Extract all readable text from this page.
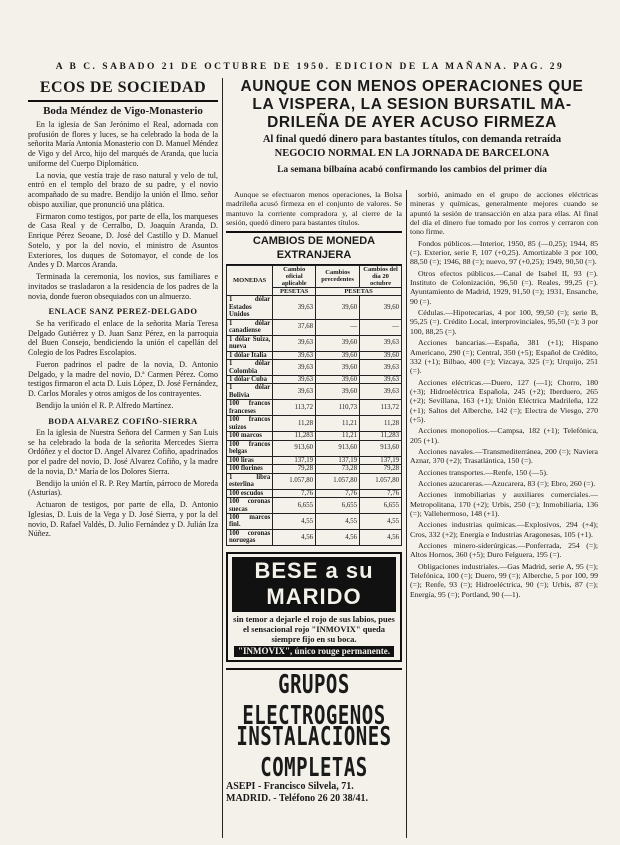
A B C. SABADO 21 DE OCTUBRE DE 1950. EDICION DE LA MAÑANA. PAG. 29
ECOS DE SOCIEDAD
Boda Méndez de Vigo-Monasterio

En la iglesia de San Jerónimo el Real, adornada con profusión de flores y luces, se ha celebrado la boda de la señorita María Antonia Monasterio con D. Manuel Méndez de Vigo y del Arco, hijo del marqués de Aranda, que lucía uniforme del Cuerpo Diplomático.

La novia, que vestía traje de raso natural y velo de tul, entró en el templo del brazo de su padre, y el novio acompañado de su madre. Bendijo la unión el Ilmo. señor obispo auxiliar, que pronunció una plática.

Firmaron como testigos, por parte de ella, los marqueses de Casa Real y de Cerralbo, D. Joaquín Aranda, D. Enrique Pérez Seoane, D. José del Castillo y D. Manuel Sotelo, y por la del novio, el ministro de Asuntos Exteriores, los duques de Sotomayor, el conde de los Andes y D. Marcos Aranda.

Terminada la ceremonia, los novios, sus familiares e invitados se trasladaron a la residencia de los padres de la novia, donde fueron obsequiados con un almuerzo.

ENLACE SANZ PEREZ-DELGADO

Se ha verificado el enlace de la señorita María Teresa Delgado Gutiérrez y D. Juan Sanz Pérez, en la parroquia del Buen Consejo, bendiciendo la unión el capellán del Colegio de los Padres Escolapios.

Fueron padrinos el padre de la novia, D. Antonio Delgado, y la madre del novio, D.ª Carmen Pérez. Como testigos firmaron el acta D. Luis López, D. José Fernández, D. Carlos Morales y otros amigos de los contrayentes.

Bendijo la unión el R. P. Alfredo Martínez.

BODA ALVAREZ COFIÑO-SIERRA

En la iglesia de Nuestra Señora del Carmen y San Luis se ha celebrado la boda de la señorita Mercedes Sierra Ordóñez y el doctor D. Angel Alvarez Cofiño, apadrinados por el padre del novio, D. José Alvarez Cofiño, y la madre de la novia, D.ª María de los Dolores Sierra.

Bendijo la unión el R. P. Rey Martín, párroco de Moreda (Asturias).

Actuaron de testigos, por parte de ella, D. Antonio Iglesias, D. Luis de la Vega y D. José Sierra, y por la del novio, D. Rafael Valdés, D. Julio Fernández y D. Julián Iza Núñez.

AUNQUE CON MENOS OPERACIONES QUE
LA VISPERA, LA SESION BURSATIL MA-
DRILEÑA DE AYER ACUSO FIRMEZA
Al final quedó dinero para bastantes títulos, con demanda retraída
NEGOCIO NORMAL EN LA JORNADA DE BARCELONA
La semana bilbaína acabó confirmando los cambios del primer día

Aunque se efectuaron menos operaciones, la Bolsa madrileña acusó firmeza en el conjunto de valores. Se mantuvo la corriente compradora y, al cierre de la sesión, quedó dinero para bastantes títulos.

CAMBIOS DE MONEDA EXTRANJERA
MONEDAS	Cambio oficial aplicable	Cambios precedentes	Cambios del día 20 octubre
	PESETAS	PESETAS	
1 dólar Estados Unidos	39,63	39,60	39,60
1 dólar canadiense	37,68	—	—
1 dólar Suiza, nueva	39,63	39,60	39,63
1 dólar Italia	39,63	39,60	39,60
1 dólar Colombia	39,63	39,60	39,63
1 dólar Cuba	39,63	39,60	39,63
1 dólar Bolivia	39,63	39,60	39,63
100 francos franceses	113,72	110,73	113,72
100 francos suizos	11,28	11,21	11,28
100 marcos	11,283	11,21	11,283
100 francos belgas	913,60	913,60	913,60
100 liras	137,19	137,19	137,19
100 florines	79,28	73,28	79,28
1 libra esterlina	1.057,80	1.057,80	1.057,80
100 escudos	7,76	7,76	7,76
100 coronas suecas	6,655	6,655	6,655
100 marcos finl.	4,55	4,55	4,55
100 coronas noruegas	4,56	4,56	4,56
BESE a su MARIDO
sin temor a dejarle el rojo de sus labios, pues el sensacional rojo "INMOVIX" queda siempre fijo en su boca.
"INMOVIX", único rouge permanente.
GRUPOS ELECTROGENOS
INSTALACIONES COMPLETAS
ASEPI - Francisco Silvela, 71.
MADRID. - Teléfono 26 20 38/41.

sorbió, animado en el grupo de acciones eléctricas mineras y químicas, generalmente mejores cuando se apuntó la sesión de transacción en alza para ellas. Al final del día el dinero fue tomado por los corros y cerraron con tono firme.

Fondos públicos.—Interior, 1950, 85 (—0,25); 1944, 85 (=). Exterior, serie F, 107 (+0,25). Amortizable 3 por 100, 88,50 (=); 1946, 88 (=); nuevo, 97 (+0,25); 1949, 90,50 (=).

Otros efectos públicos.—Canal de Isabel II, 93 (=). Instituto de Colonización, 96,50 (=). Reales, 99,25 (=). Ayuntamiento de Madrid, 1929, 91,50 (=); 1931, Ensanche, 90 (=).

Cédulas.—Hipotecarias, 4 por 100, 99,50 (=); serie B, 95,25 (=). Crédito Local, interprovinciales, 95,50 (=); 3 por 100, 88,25 (=).

Acciones bancarias.—España, 381 (+1); Hispano Americano, 290 (=); Central, 350 (+5); Español de Crédito, 332 (+1); Bilbao, 400 (=); Vizcaya, 325 (=); Urquijo, 251 (=).

Acciones eléctricas.—Duero, 127 (—1); Chorro, 180 (+3); Hidroeléctrica Española, 245 (+2); Iberduero, 265 (+2); Sevillana, 163 (+1); Unión Eléctrica Madrileña, 122 (+1); Saltos del Alberche, 142 (=); Electra de Viesgo, 270 (+5).

Acciones monopolios.—Campsa, 182 (+1); Telefónica, 205 (+1).

Acciones navales.—Transmediterránea, 200 (=); Naviera Aznar, 370 (+2); Trasatlántica, 150 (=).

Acciones transportes.—Renfe, 150 (—5).

Acciones azucareras.—Azucarera, 83 (=); Ebro, 260 (=).

Acciones inmobiliarias y auxiliares comerciales.—Metropolitana, 170 (+2); Urbis, 250 (=); Inmobiliaria, 136 (=); Vallehermoso, 148 (+1).

Acciones industrias químicas.—Explosivos, 294 (+4); Cros, 332 (+2); Energía e Industrias Aragonesas, 105 (+1).

Acciones minero-siderúrgicas.—Ponferrada, 254 (=); Altos Hornos, 360 (+5); Duro Felguera, 195 (=).

Obligaciones industriales.—Gas Madrid, serie A, 95 (=); Telefónica, 100 (=); Duero, 99 (=); Alberche, 5 por 100, 99 (=); Renfe, 93 (=); Hidroeléctrica, 90 (=); Urbis, 87 (=); Energía, 95 (=); Portland, 90 (—1).
